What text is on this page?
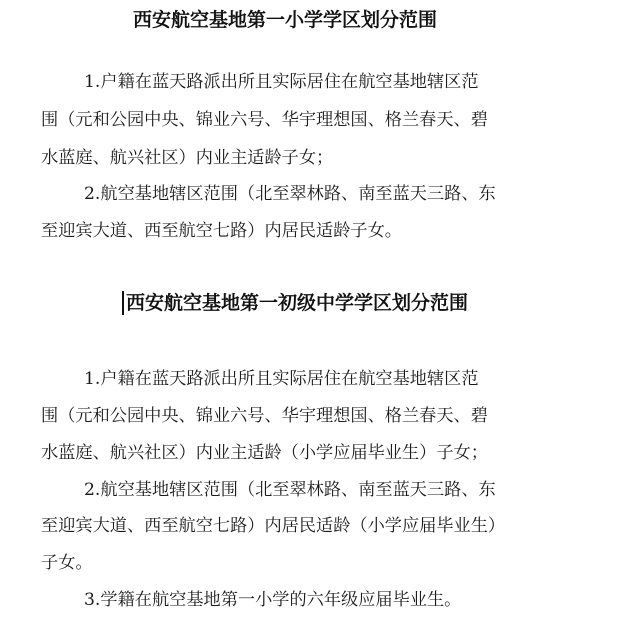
西安航空基地第一小学学区划分范围
1.户籍在蓝天路派出所且实际居住在航空基地辖区范
围（元和公园中央、锦业六号、华宇理想国、格兰春天、碧
水蓝庭、航兴社区）内业主适龄子女；
2.航空基地辖区范围（北至翠林路、南至蓝天三路、东
至迎宾大道、西至航空七路）内居民适龄子女。
西安航空基地第一初级中学学区划分范围
1.户籍在蓝天路派出所且实际居住在航空基地辖区范
围（元和公园中央、锦业六号、华宇理想国、格兰春天、碧
水蓝庭、航兴社区）内业主适龄（小学应届毕业生）子女；
2.航空基地辖区范围（北至翠林路、南至蓝天三路、东
至迎宾大道、西至航空七路）内居民适龄（小学应届毕业生）
子女。
3.学籍在航空基地第一小学的六年级应届毕业生。
